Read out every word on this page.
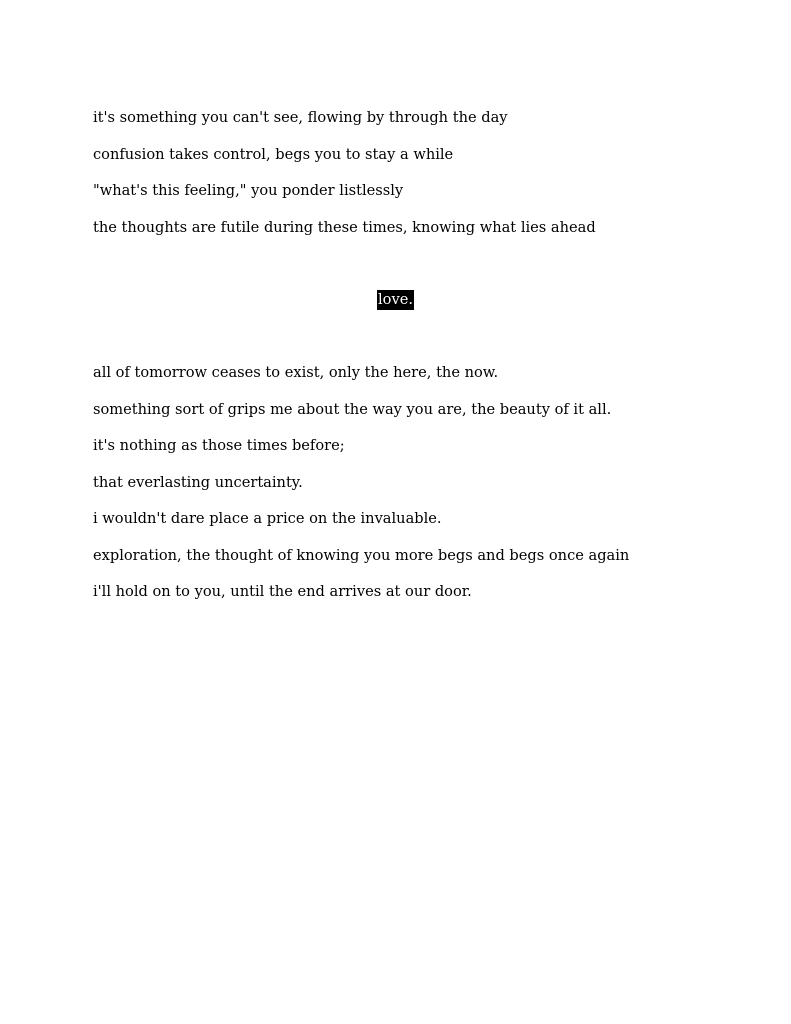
it's something you can't see, flowing by through the day

confusion takes control, begs you to stay a while

"what's this feeling," you ponder listlessly

the thoughts are futile during these times, knowing what lies ahead

love.

all of tomorrow ceases to exist, only the here, the now.

something sort of grips me about the way you are, the beauty of it all.

it's nothing as those times before;

that everlasting uncertainty.

i wouldn't dare place a price on the invaluable.

exploration, the thought of knowing you more begs and begs once again

i'll hold on to you, until the end arrives at our door.
